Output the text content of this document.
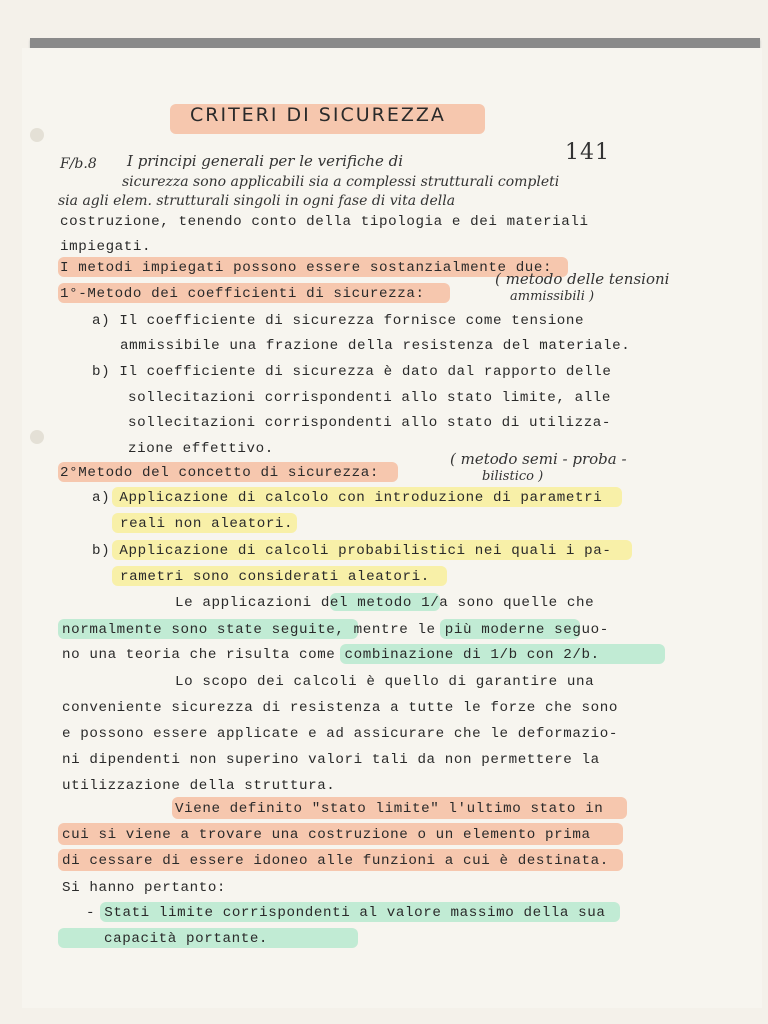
CRITERI DI SICUREZZA
141
F/b.8 I principi generali per le verifiche di
sicurezza sono applicabili sia a complessi strutturali completi
sia agli elem. strutturali singoli in ogni fase di vita della
costruzione, tenendo conto della tipologia e dei materiali
impiegati.
I metodi impiegati possono essere sostanzialmente due:
1°-Metodo dei coefficienti di sicurezza:
( metodo delle tensioni
ammissibili )
a) Il coefficiente di sicurezza fornisce come tensione
ammissibile una frazione della resistenza del materiale.
b) Il coefficiente di sicurezza è dato dal rapporto delle
sollecitazioni corrispondenti allo stato limite, alle
sollecitazioni corrispondenti allo stato di utilizza-
zione effettivo.
2°Metodo del concetto di sicurezza:
( metodo semi - proba -
bilistico )
a) Applicazione di calcolo con introduzione di parametri
reali non aleatori.
b) Applicazione di calcoli probabilistici nei quali i pa-
rametri sono considerati aleatori.
Le applicazioni del metodo 1/a sono quelle che
normalmente sono state seguite, mentre le più moderne seguo-
no una teoria che risulta come combinazione di 1/b con 2/b.
Lo scopo dei calcoli è quello di garantire una
conveniente sicurezza di resistenza a tutte le forze che sono
e possono essere applicate e ad assicurare che le deformazio-
ni dipendenti non superino valori tali da non permettere la
utilizzazione della struttura.
Viene definito "stato limite" l'ultimo stato in
cui si viene a trovare una costruzione o un elemento prima
di cessare di essere idoneo alle funzioni a cui è destinata.
Si hanno pertanto:
- Stati limite corrispondenti al valore massimo della sua
capacità portante.
